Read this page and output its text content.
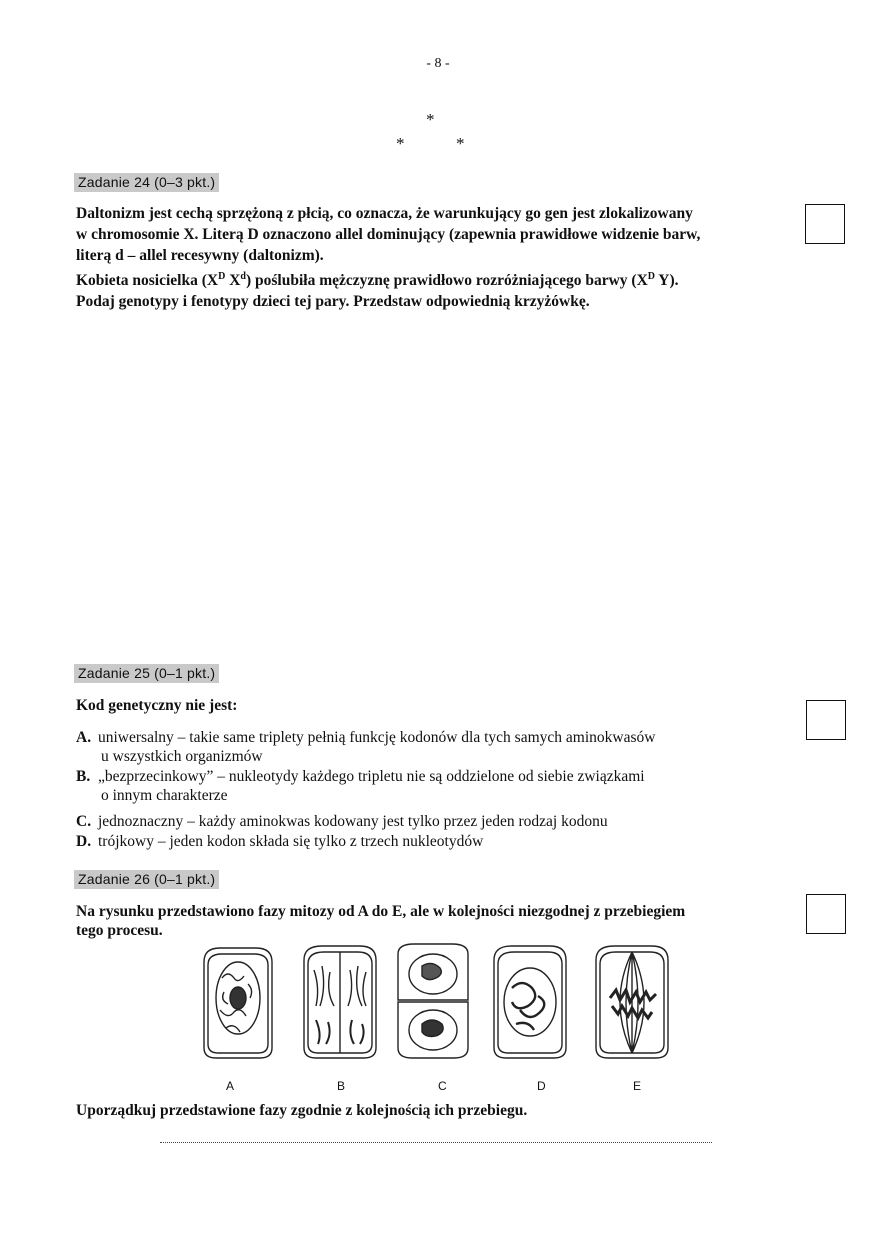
- 8 -
*
*	*
Zadanie 24 (0–3 pkt.)
Daltonizm jest cechą sprzężoną z płcią, co oznacza, że warunkujący go gen jest zlokalizowany
w chromosomie X. Literą D oznaczono allel dominujący (zapewnia prawidłowe widzenie barw,
literą d – allel recesywny (daltonizm).
Kobieta nosicielka ($X^D$ $X^d$) poślubiła mężczyznę prawidłowo rozróżniającego barwy ($X^D$ Y).
Podaj genotypy i fenotypy dzieci tej pary. Przedstaw odpowiednią krzyżówkę.
Zadanie 25 (0–1 pkt.)
Kod genetyczny nie jest:
A. uniwersalny – takie same triplety pełnią funkcję kodonów dla tych samych aminokwasów
u wszystkich organizmów
B. „bezprzecinkowy” – nukleotydy każdego tripletu nie są oddzielone od siebie związkami
o innym charakterze
C. jednoznaczny – każdy aminokwas kodowany jest tylko przez jeden rodzaj kodonu
D. trójkowy – jeden kodon składa się tylko z trzech nukleotydów
Zadanie 26 (0–1 pkt.)
Na rysunku przedstawiono fazy mitozy od A do E, ale w kolejności niezgodnej z przebiegiem
tego procesu.
A	B	C	D	E
Uporządkuj przedstawione fazy zgodnie z kolejnością ich przebiegu.
